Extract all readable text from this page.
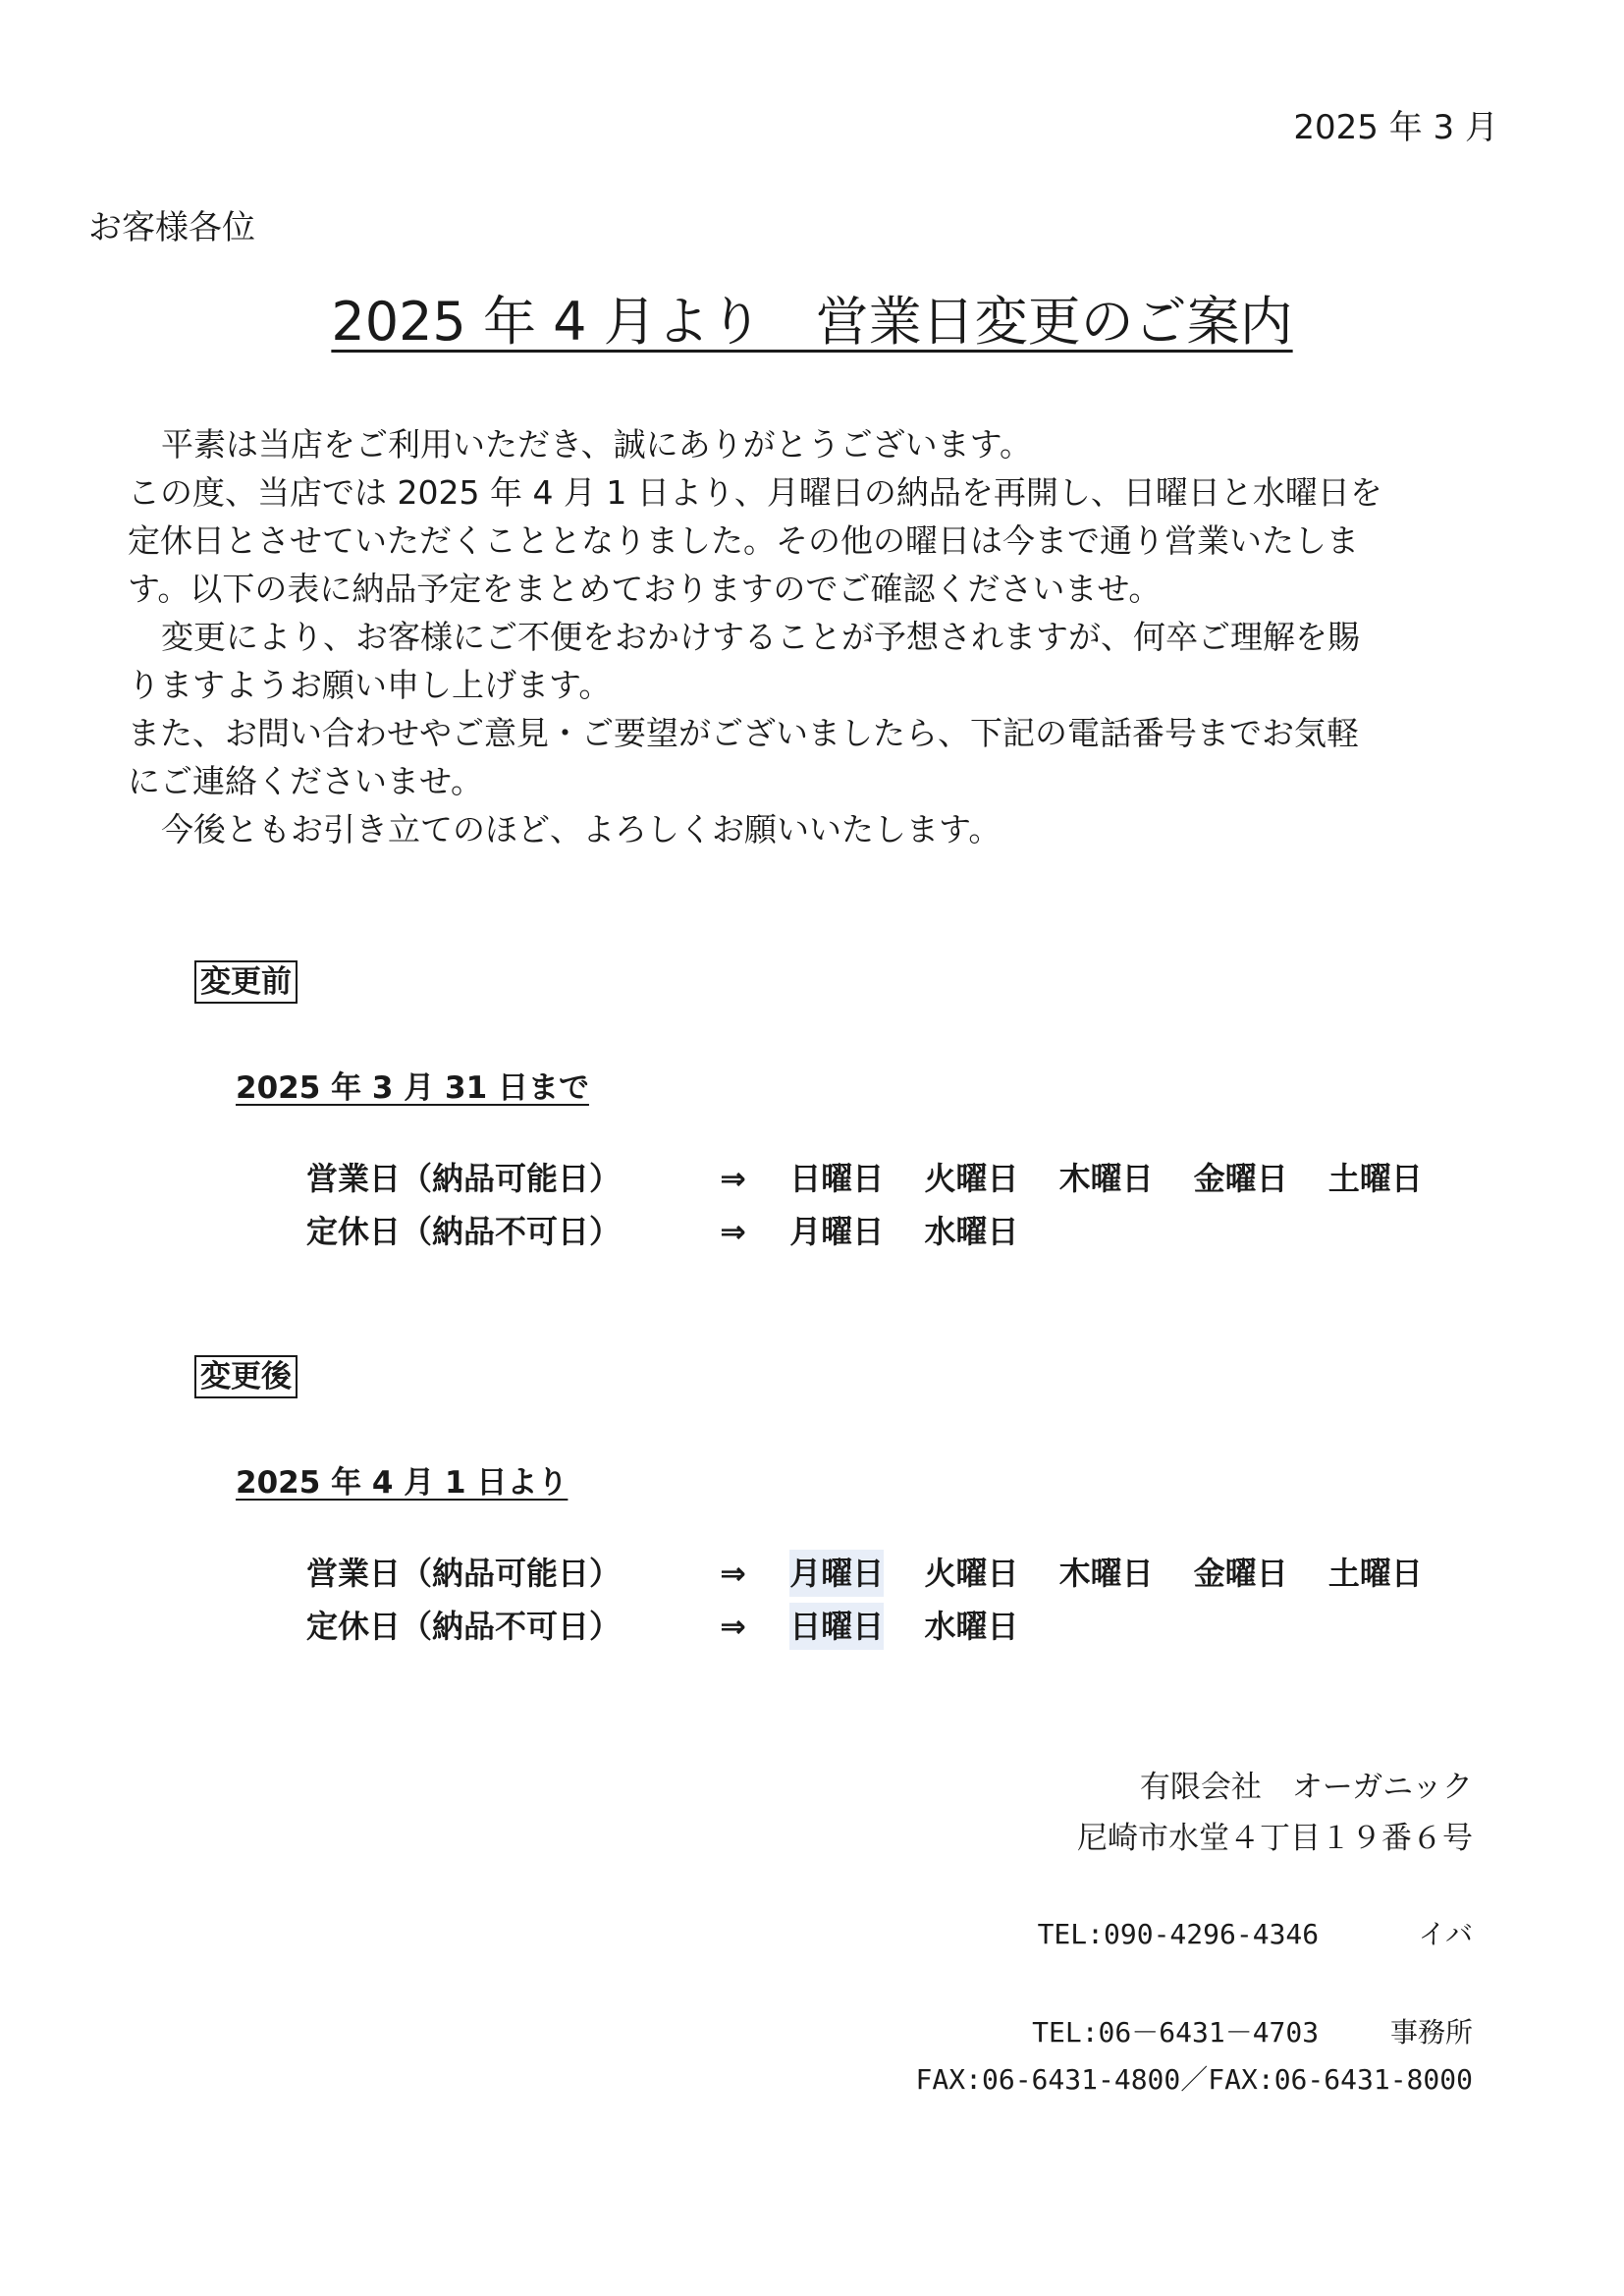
2025 年 3 月
お客様各位
2025 年 4 月より　営業日変更のご案内
平素は当店をご利用いただき、誠にありがとうございます。
この度、当店では 2025 年 4 月 1 日より、月曜日の納品を再開し、日曜日と水曜日を
定休日とさせていただくこととなりました。その他の曜日は今まで通り営業いたしま
す。以下の表に納品予定をまとめておりますのでご確認くださいませ。
変更により、お客様にご不便をおかけすることが予想されますが、何卒ご理解を賜
りますようお願い申し上げます。
また、お問い合わせやご意見・ご要望がございましたら、下記の電話番号までお気軽
にご連絡くださいませ。
今後ともお引き立てのほど、よろしくお願いいたします。
変更前
2025 年 3 月 31 日まで
営業日（納品可能日）	⇒ 日曜日 火曜日 木曜日 金曜日 土曜日
定休日（納品不可日）	⇒ 月曜日 水曜日
変更後
2025 年 4 月 1 日より
営業日（納品可能日）	⇒ 月曜日 火曜日 木曜日 金曜日 土曜日
定休日（納品不可日）	⇒ 日曜日 水曜日
有限会社　オーガニック
尼崎市水堂４丁目１９番６号
TEL:090-4296-4346	イバ
TEL:06－6431－4703	事務所
FAX:06-6431-4800／FAX:06-6431-8000
